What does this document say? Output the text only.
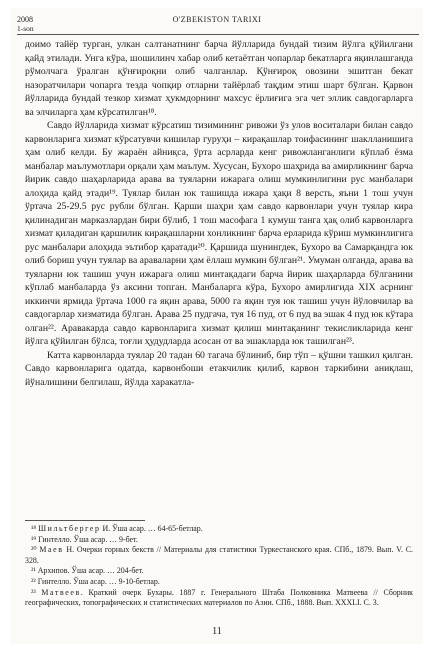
2008
1-son
O'ZBEKISTON TARIXI

доимо тайёр турган, улкан салтанатнинг барча йўлларида бундай тизим йўлга қўйилгани қайд этилади. Унга кўра, шошилинч хабар олиб кетаётган чопарлар бекатларга яқинлашганда рўмолчага ўралган қўнғироқни олиб чалганлар. Қўнғироқ овозини эшитган бекат назоратчилари чопарга тезда чопқир отларни тайёрлаб тақдим этиш шарт бўлган. Қарвон йўлларида бундай тезкор хизмат ҳукмдорнинг махсус ёрлиғига эга чет эллик савдогарларга ва элчиларга ҳам кўрсатилган¹⁸.

Савдо йўлларида хизмат кўрсатиш тизимининг ривожи ўз улов воситалари билан савдо карвонларига хизмат кўрсатувчи кишилар гуруҳи – кирақашлар тоифасининг шаклланишига ҳам олиб келди. Бу жараён айниқса, ўрта асрларда кенг ривожланганлиги кўплаб ёзма манбалар маълумотлари орқали ҳам маълум. Хусусан, Бухоро шаҳрида ва амирликнинг барча йирик савдо шаҳарларида арава ва туяларни ижарага олиш мумкинлигини рус манбалари алоҳида қайд этади¹⁹. Туялар билан юк ташишда ижара ҳақи 8 версть, яъни 1 тош учун ўртача 25-29.5 рус рубли бўлган. Қарши шаҳри ҳам савдо карвонлари учун туялар кира қилинадиган марказлардан бири бўлиб, 1 тош масофага 1 кумуш танга ҳақ олиб карвонларга хизмат қиладиган қаршилик кирақашларни хонликнинг барча ерларида кўриш мумкинлигига рус манбалари алоҳида эътибор қаратади²⁰. Қаршида шунингдек, Бухоро ва Самарқандга юк олиб бориш учун туялар ва араваларни ҳам ёллаш мумкин бўлган²¹. Умуман олганда, арава ва туяларни юк ташиш учун ижарага олиш минтақадаги барча йирик шаҳарларда бўлганини кўплаб манбаларда ўз аксини топган. Манбаларга кўра, Бухоро амирлигида XIX асрнинг иккинчи ярмида ўртача 1000 га яқин арава, 5000 га яқин туя юк ташиш учун йўловчилар ва савдогарлар хизматида бўлган. Арава 25 пудгача, туя 16 пуд, от 6 пуд ва эшак 4 пуд юк кўтара олган²². Аравакарда савдо карвонларига хизмат қилиш минтақанинг текисликларида кенг йўлга қўйилган бўлса, тоғли ҳудудларда асосан от ва эшакларда юк ташилган²³.

Катта карвонларда туялар 20 тадан 60 тагача бўлиниб, бир тўп – қўшни ташкил қилган. Савдо карвонларига одатда, карвонбоши етакчилик қилиб, карвон таркибини аниқлаш, йўналишини белгилаш, йўлда харакатла-

¹⁸ Шильтбергер И. Ўша асар. … 64-65-бетлар.

¹⁹ Гинтелло. Ўша асар. … 9-бет.

²⁰ Маев Н. Очерки горных бекств // Материалы для статистики Туркестанского края. СПб., 1879. Вып. V. С. 328.

²¹ Архипов. Ўша асар. … 204-бет.

²² Гинтелло. Ўша асар. … 9-10-бетлар.

²³ Матвеев. Краткий очерк Бухары. 1887 г. Генерального Штаба Полковника Матвеева // Сборник географических, топографических и статистических материалов по Азии. СПб., 1888. Вып. XXXLI. С. 3.

11
